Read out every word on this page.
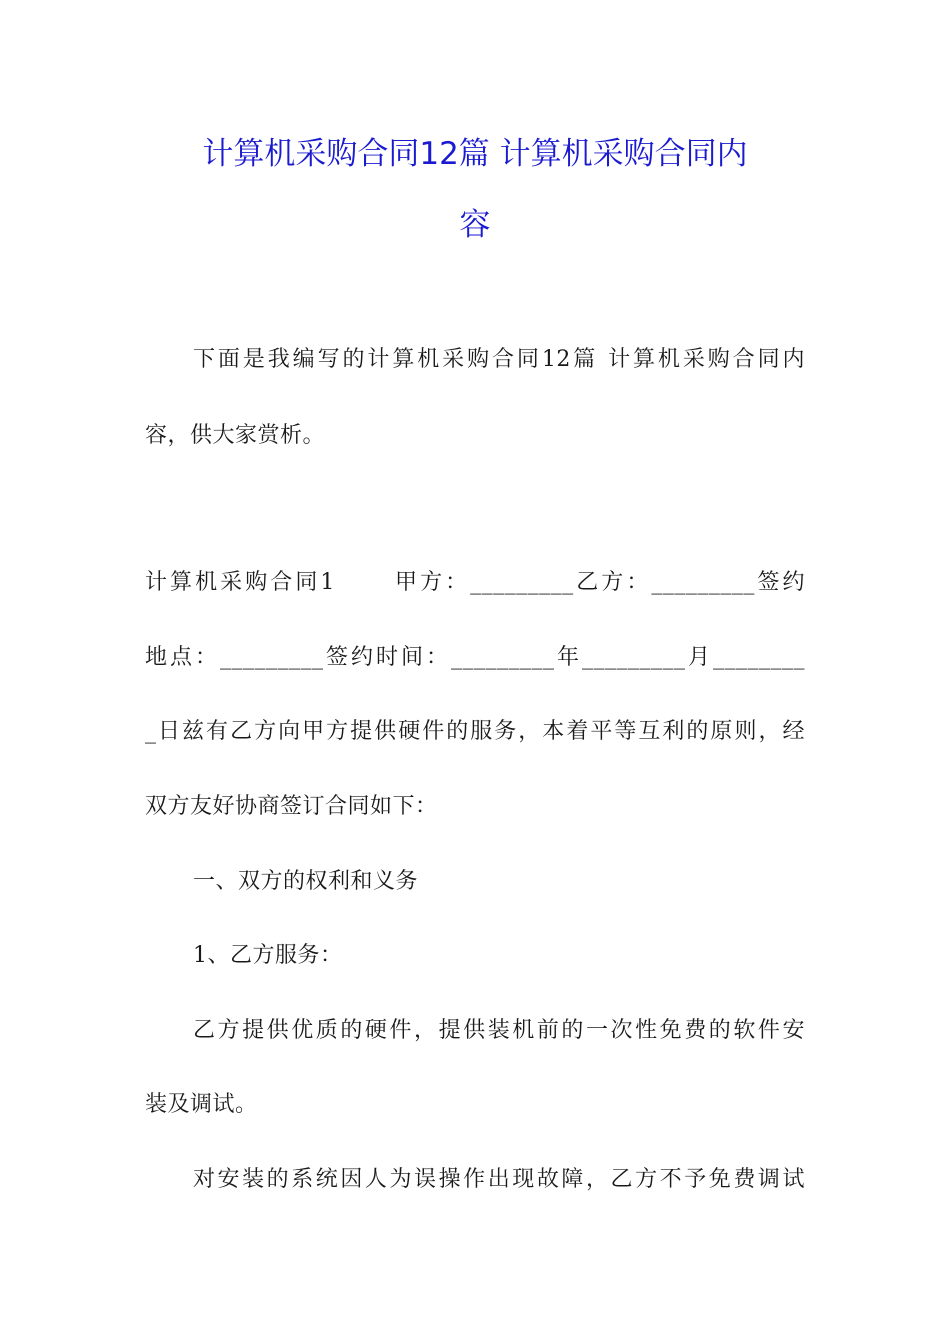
计算机采购合同12篇 计算机采购合同内
容
下面是我编写的计算机采购合同12篇 计算机采购合同内
容，供大家赏析。
计算机采购合同1 　　甲方：_________乙方：_________签约
地点：_________签约时间：_________年_________月________
_日兹有乙方向甲方提供硬件的服务，本着平等互利的原则，经
双方友好协商签订合同如下：
一、双方的权利和义务
1、乙方服务：
乙方提供优质的硬件，提供装机前的一次性免费的软件安
装及调试。
对安装的系统因人为误操作出现故障，乙方不予免费调试
